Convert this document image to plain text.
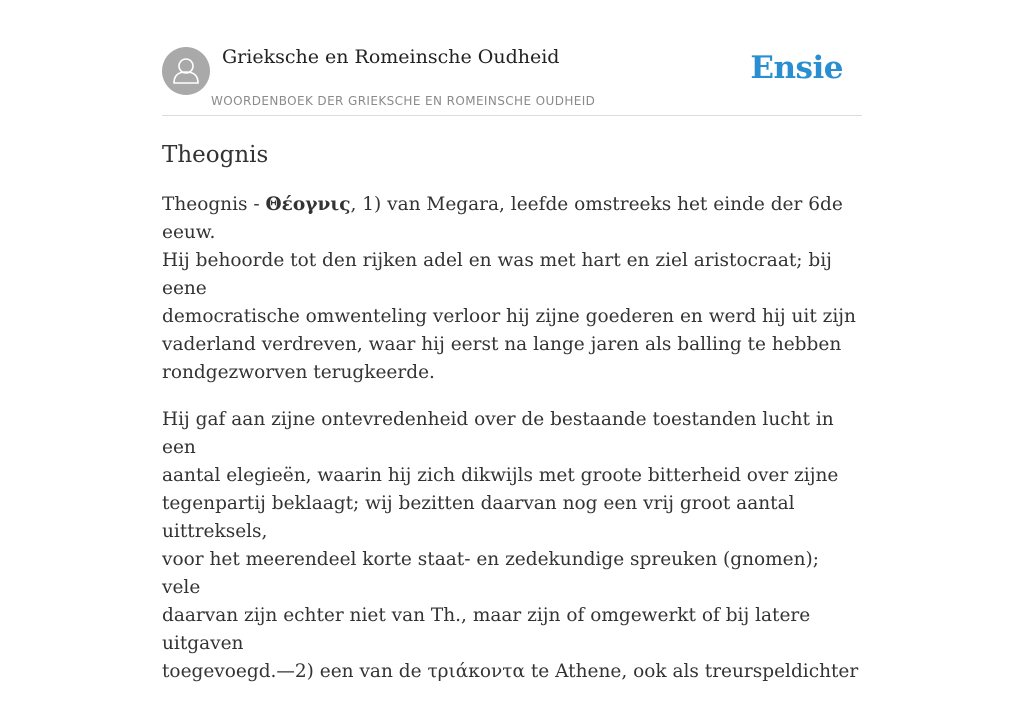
Grieksche en Romeinsche Oudheid
WOORDENBOEK DER GRIEKSCHE EN ROMEINSCHE OUDHEID
Ensie
Theognis

Theognis - Θέογνις, 1) van Megara, leefde omstreeks het einde der 6de eeuw.
Hij behoorde tot den rijken adel en was met hart en ziel aristocraat; bij eene
democratische omwenteling verloor hij zijne goederen en werd hij uit zijn
vaderland verdreven, waar hij eerst na lange jaren als balling te hebben
rondgezworven terugkeerde.

Hij gaf aan zijne ontevredenheid over de bestaande toestanden lucht in een
aantal elegieën, waarin hij zich dikwijls met groote bitterheid over zijne
tegenpartij beklaagt; wij bezitten daarvan nog een vrij groot aantal uittreksels,
voor het meerendeel korte staat- en zedekundige spreuken (gnomen); vele
daarvan zijn echter niet van Th., maar zijn of omgewerkt of bij latere uitgaven
toegevoegd.—2) een van de τριάκοντα te Athene, ook als treurspeldichter
